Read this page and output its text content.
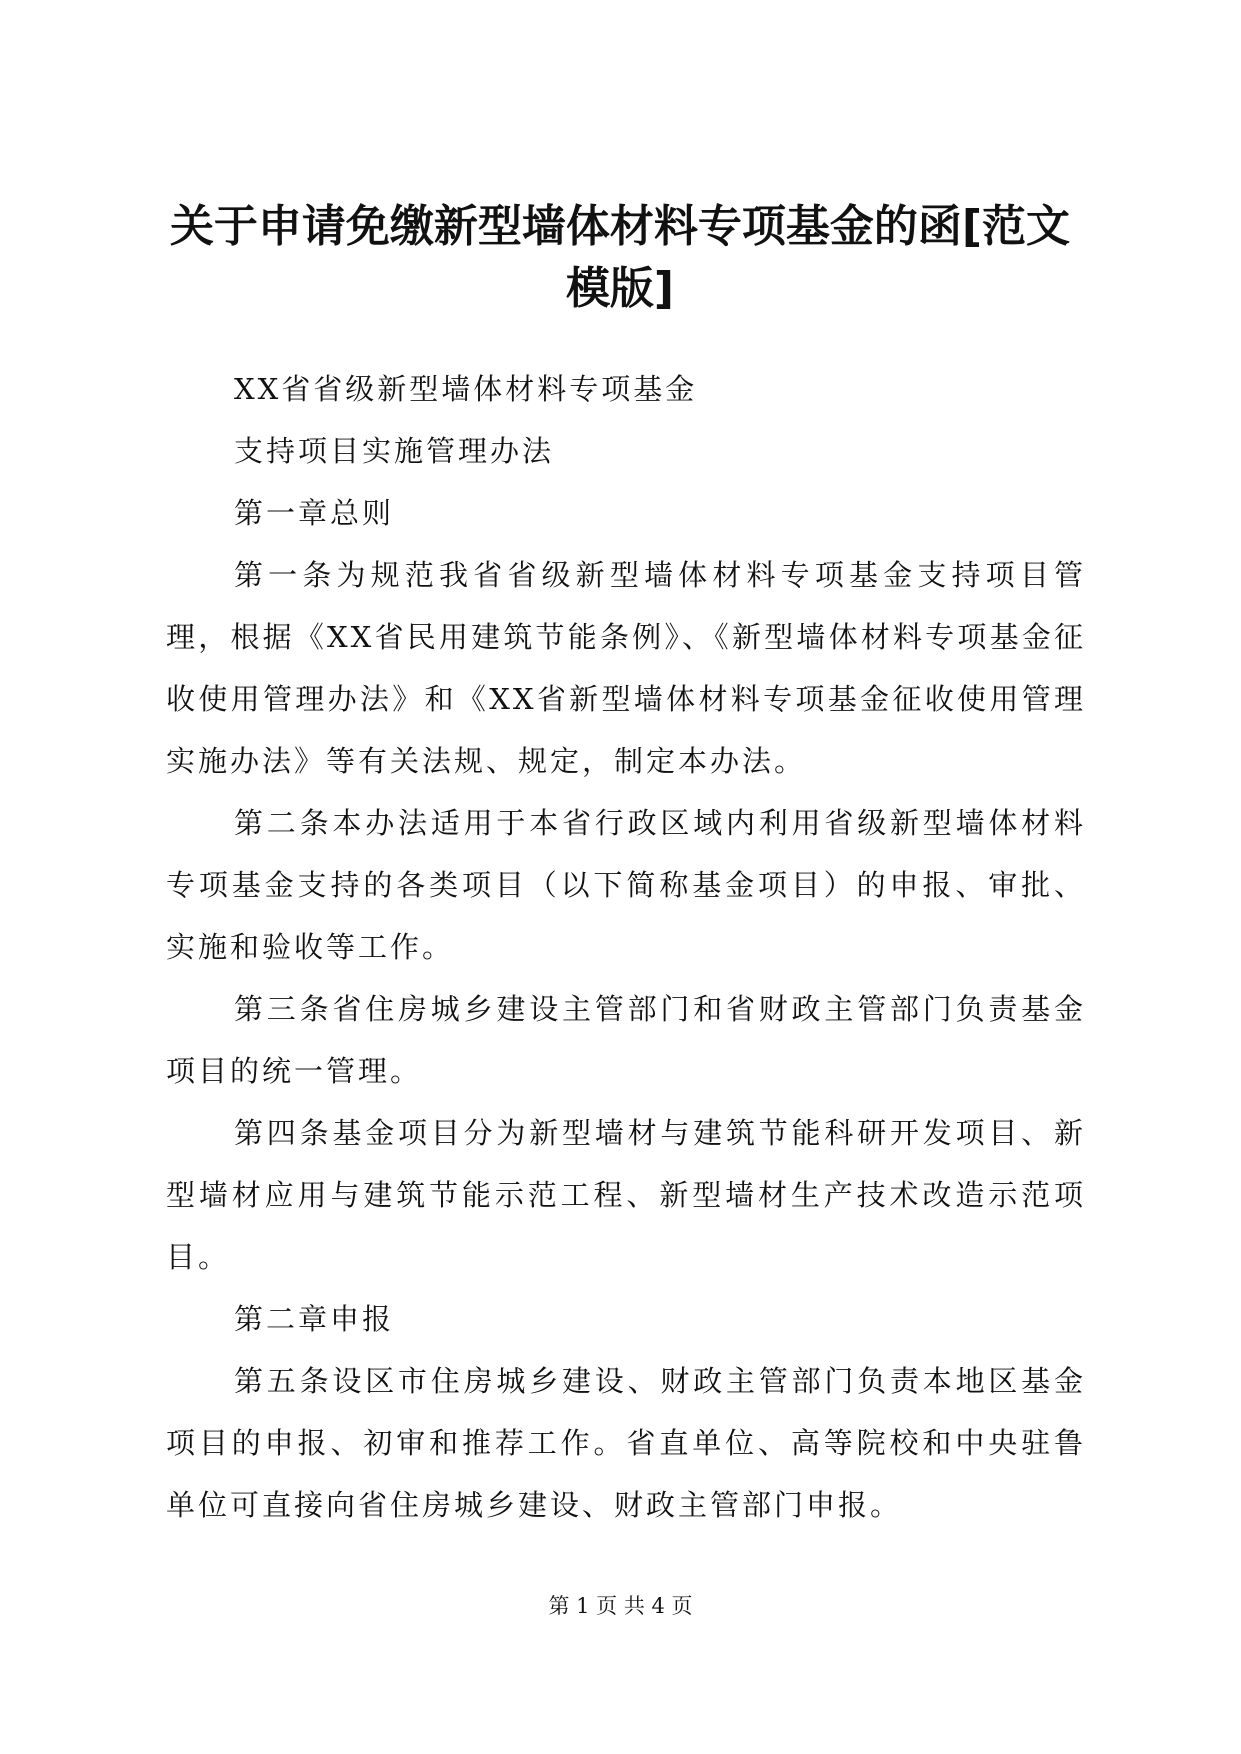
关于申请免缴新型墙体材料专项基金的函[范文模版]

XX省省级新型墙体材料专项基金

支持项目实施管理办法

第一章总则

第一条为规范我省省级新型墙体材料专项基金支持项目管理，根据《XX省民用建筑节能条例》、《新型墙体材料专项基金征收使用管理办法》和《XX省新型墙体材料专项基金征收使用管理实施办法》等有关法规、规定，制定本办法。

第二条本办法适用于本省行政区域内利用省级新型墙体材料专项基金支持的各类项目（以下简称基金项目）的申报、审批、实施和验收等工作。

第三条省住房城乡建设主管部门和省财政主管部门负责基金项目的统一管理。

第四条基金项目分为新型墙材与建筑节能科研开发项目、新型墙材应用与建筑节能示范工程、新型墙材生产技术改造示范项目。

第二章申报

第五条设区市住房城乡建设、财政主管部门负责本地区基金项目的申报、初审和推荐工作。省直单位、高等院校和中央驻鲁单位可直接向省住房城乡建设、财政主管部门申报。

第 1 页 共 4 页
